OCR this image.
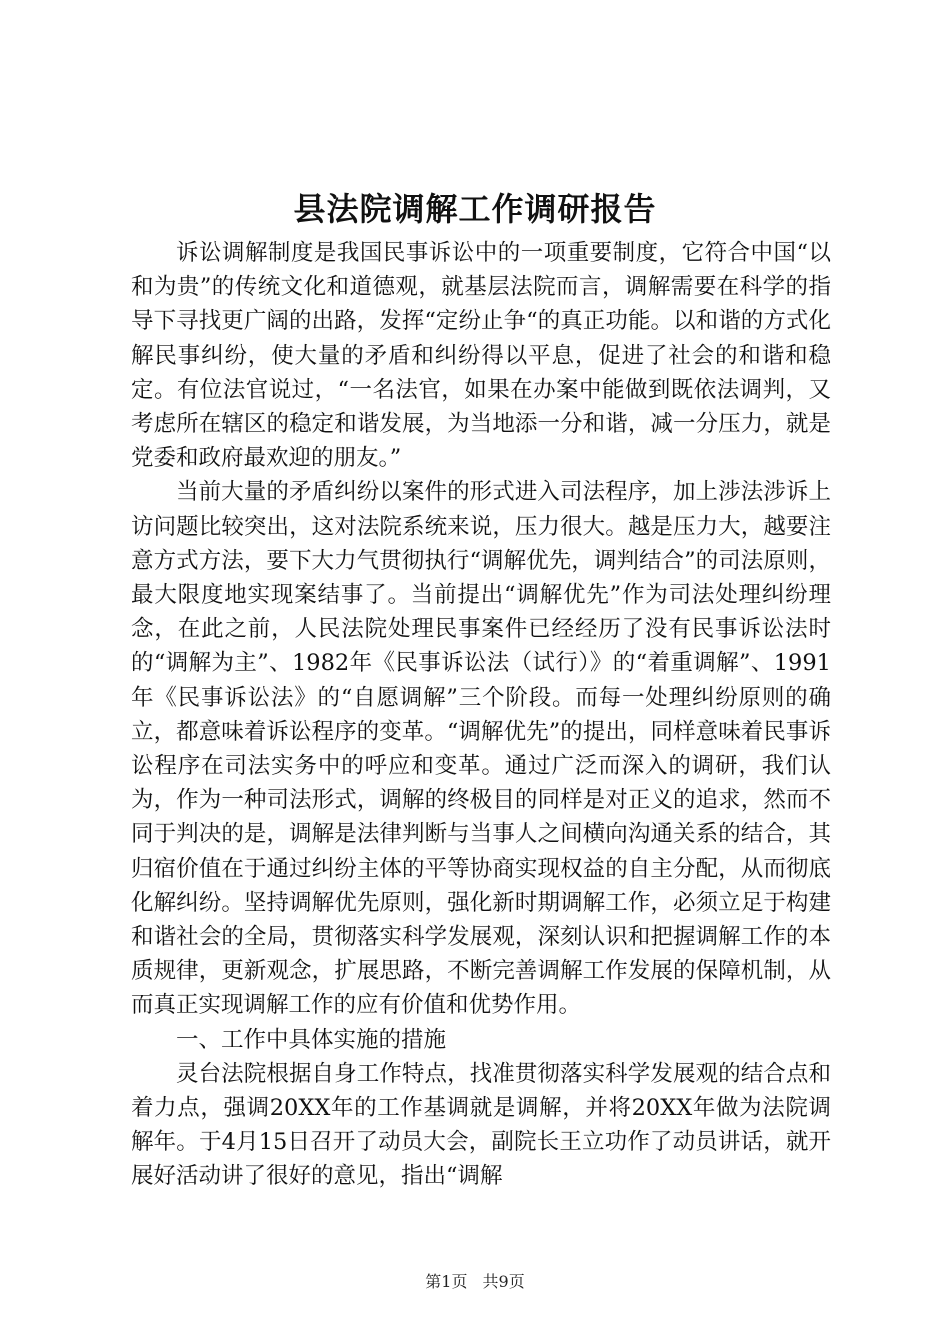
县法院调解工作调研报告

诉讼调解制度是我国民事诉讼中的一项重要制度，它符合中国“以和为贵”的传统文化和道德观，就基层法院而言，调解需要在科学的指导下寻找更广阔的出路，发挥“定纷止争“的真正功能。以和谐的方式化解民事纠纷，使大量的矛盾和纠纷得以平息，促进了社会的和谐和稳定。有位法官说过，“一名法官，如果在办案中能做到既依法调判，又考虑所在辖区的稳定和谐发展，为当地添一分和谐，减一分压力，就是党委和政府最欢迎的朋友。”

当前大量的矛盾纠纷以案件的形式进入司法程序，加上涉法涉诉上访问题比较突出，这对法院系统来说，压力很大。越是压力大，越要注意方式方法，要下大力气贯彻执行“调解优先，调判结合”的司法原则，最大限度地实现案结事了。当前提出“调解优先”作为司法处理纠纷理念，在此之前，人民法院处理民事案件已经经历了没有民事诉讼法时的“调解为主”、1982年《民事诉讼法（试行）》的“着重调解”、1991年《民事诉讼法》的“自愿调解”三个阶段。而每一处理纠纷原则的确立，都意味着诉讼程序的变革。“调解优先”的提出，同样意味着民事诉讼程序在司法实务中的呼应和变革。通过广泛而深入的调研，我们认为，作为一种司法形式，调解的终极目的同样是对正义的追求，然而不同于判决的是，调解是法律判断与当事人之间横向沟通关系的结合，其归宿价值在于通过纠纷主体的平等协商实现权益的自主分配，从而彻底化解纠纷。坚持调解优先原则，强化新时期调解工作，必须立足于构建和谐社会的全局，贯彻落实科学发展观，深刻认识和把握调解工作的本质规律，更新观念，扩展思路，不断完善调解工作发展的保障机制，从而真正实现调解工作的应有价值和优势作用。

一、工作中具体实施的措施

灵台法院根据自身工作特点，找准贯彻落实科学发展观的结合点和着力点，强调20XX年的工作基调就是调解，并将20XX年做为法院调解年。于4月15日召开了动员大会，副院长王立功作了动员讲话，就开展好活动讲了很好的意见，指出“调解

第1页 共9页
